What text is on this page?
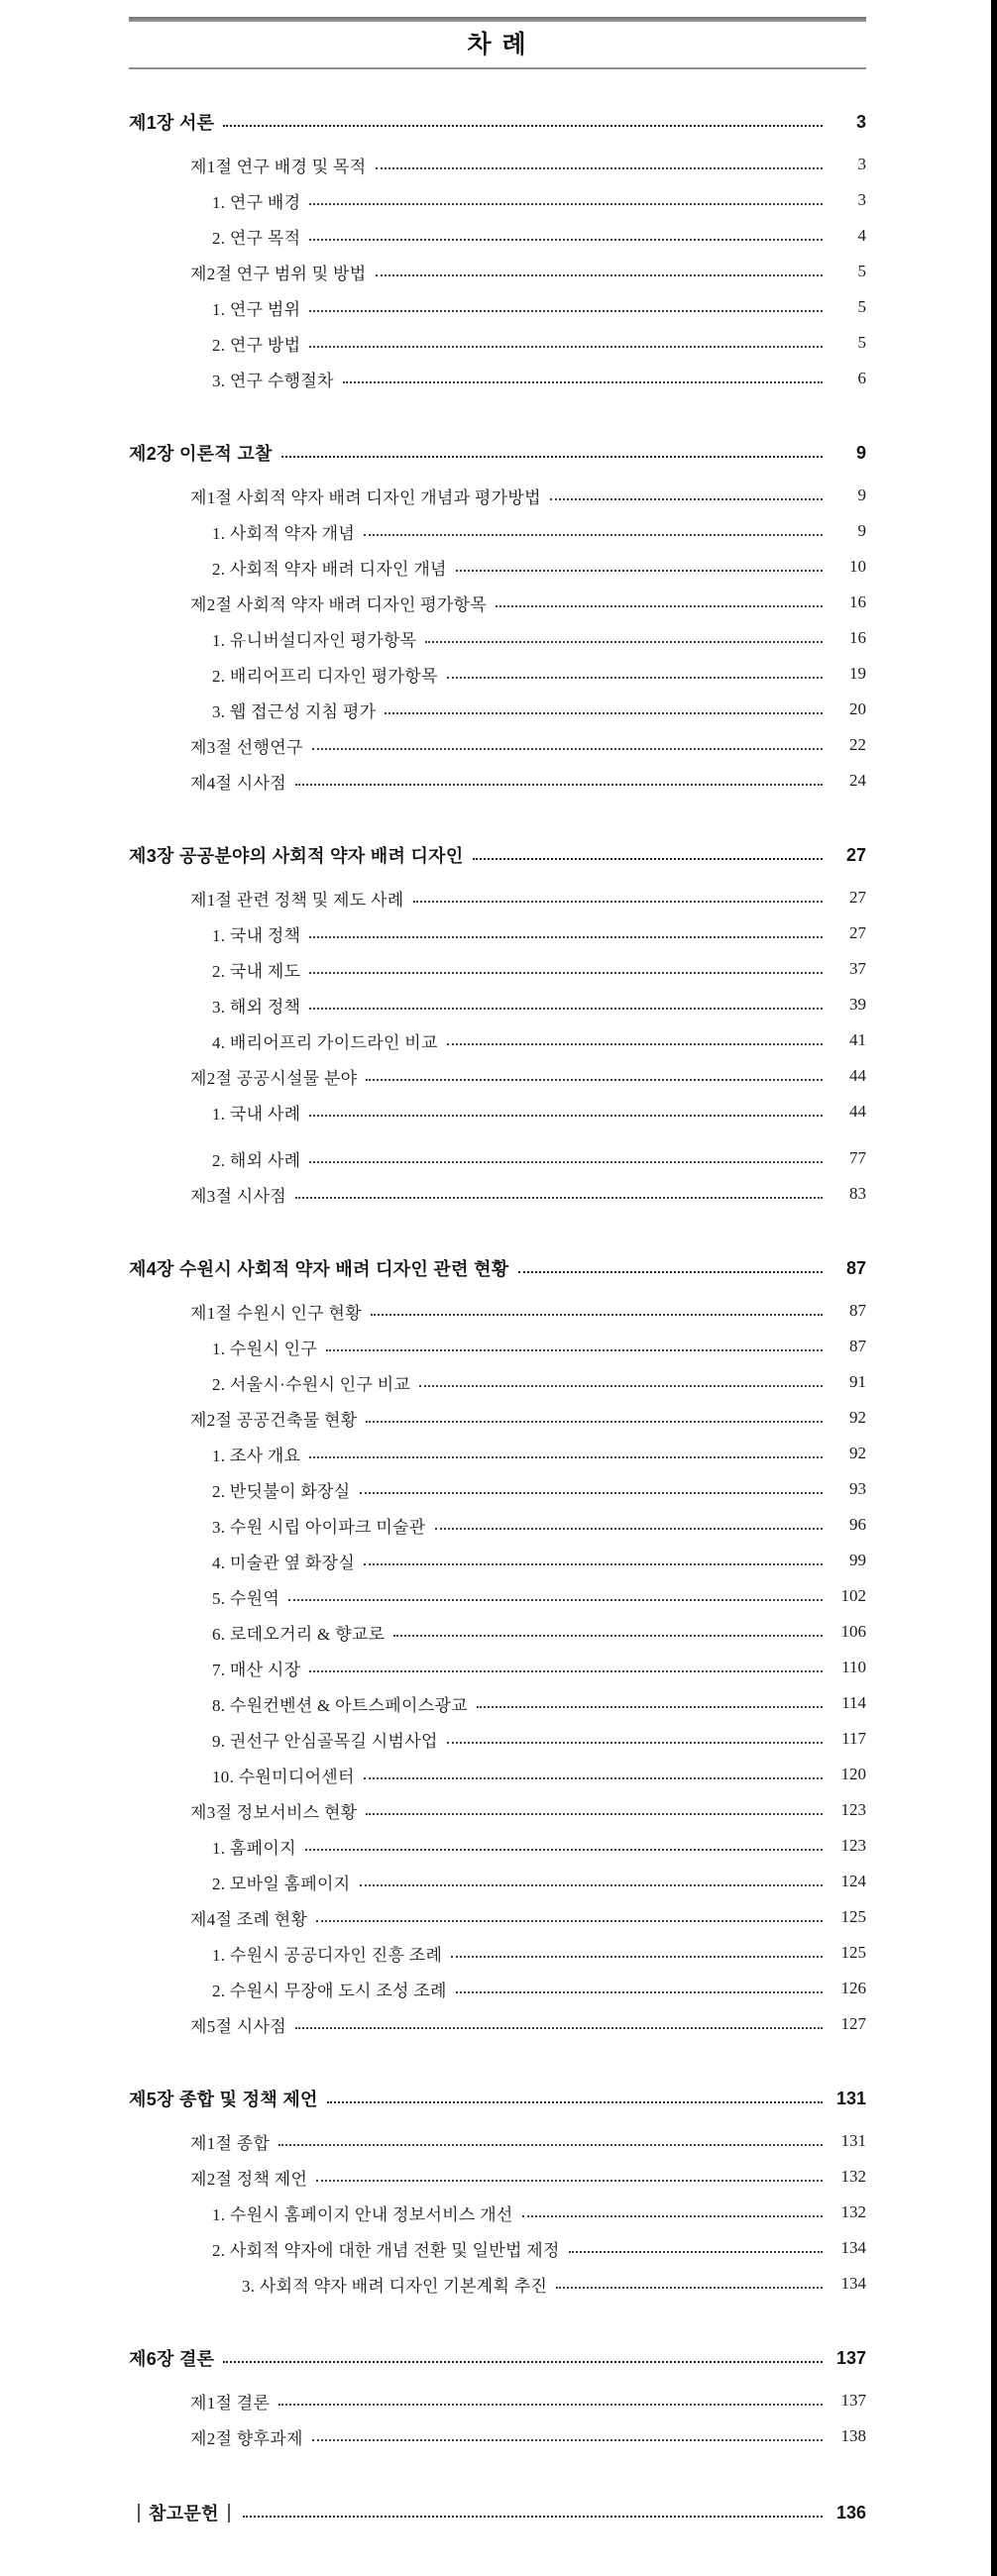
차 례
제1장 서론	3
제1절 연구 배경 및 목적	3
1. 연구 배경	3
2. 연구 목적	4
제2절 연구 범위 및 방법	5
1. 연구 범위	5
2. 연구 방법	5
3. 연구 수행절차	6
제2장 이론적 고찰	9
제1절 사회적 약자 배려 디자인 개념과 평가방법	9
1. 사회적 약자 개념	9
2. 사회적 약자 배려 디자인 개념	10
제2절 사회적 약자 배려 디자인 평가항목	16
1. 유니버설디자인 평가항목	16
2. 배리어프리 디자인 평가항목	19
3. 웹 접근성 지침 평가	20
제3절 선행연구	22
제4절 시사점	24
제3장 공공분야의 사회적 약자 배려 디자인	27
제1절 관련 정책 및 제도 사례	27
1. 국내 정책	27
2. 국내 제도	37
3. 해외 정책	39
4. 배리어프리 가이드라인 비교	41
제2절 공공시설물 분야	44
1. 국내 사례	44
2. 해외 사례	77
제3절 시사점	83
제4장 수원시 사회적 약자 배려 디자인 관련 현황	87
제1절 수원시 인구 현황	87
1. 수원시 인구	87
2. 서울시·수원시 인구 비교	91
제2절 공공건축물 현황	92
1. 조사 개요	92
2. 반딧불이 화장실	93
3. 수원 시립 아이파크 미술관	96
4. 미술관 옆 화장실	99
5. 수원역	102
6. 로데오거리 & 향교로	106
7. 매산 시장	110
8. 수원컨벤션 & 아트스페이스광교	114
9. 권선구 안심골목길 시범사업	117
10. 수원미디어센터	120
제3절 정보서비스 현황	123
1. 홈페이지	123
2. 모바일 홈페이지	124
제4절 조례 현황	125
1. 수원시 공공디자인 진흥 조례	125
2. 수원시 무장애 도시 조성 조례	126
제5절 시사점	127
제5장 종합 및 정책 제언	131
제1절 종합	131
제2절 정책 제언	132
1. 수원시 홈페이지 안내 정보서비스 개선	132
2. 사회적 약자에 대한 개념 전환 및 일반법 제정	134
3. 사회적 약자 배려 디자인 기본계획 추진	134
제6장 결론	137
제1절 결론	137
제2절 향후과제	138
참고문헌	136
